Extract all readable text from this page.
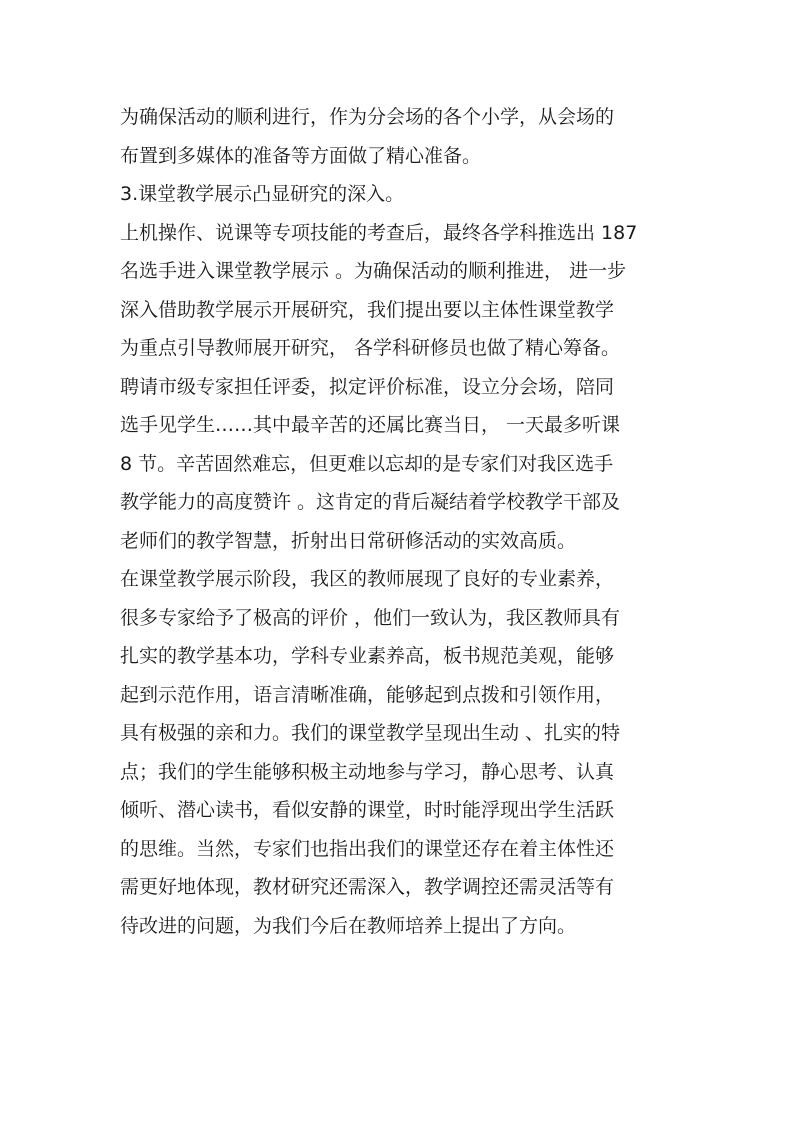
为确保活动的顺利进行，作为分会场的各个小学，从会场的
布置到多媒体的准备等方面做了精心准备。
3.课堂教学展示凸显研究的深入。
上机操作、说课等专项技能的考查后，最终各学科推选出 187
名选手进入课堂教学展示 。为确保活动的顺利推进， 进一步
深入借助教学展示开展研究，我们提出要以主体性课堂教学
为重点引导教师展开研究， 各学科研修员也做了精心筹备。
聘请市级专家担任评委，拟定评价标准，设立分会场，陪同
选手见学生……其中最辛苦的还属比赛当日， 一天最多听课
8 节。辛苦固然难忘，但更难以忘却的是专家们对我区选手
教学能力的高度赞许 。这肯定的背后凝结着学校教学干部及
老师们的教学智慧，折射出日常研修活动的实效高质。
在课堂教学展示阶段，我区的教师展现了良好的专业素养，
很多专家给予了极高的评价 ，他们一致认为，我区教师具有
扎实的教学基本功，学科专业素养高，板书规范美观，能够
起到示范作用，语言清晰准确，能够起到点拨和引领作用，
具有极强的亲和力。我们的课堂教学呈现出生动 、扎实的特
点；我们的学生能够积极主动地参与学习，静心思考、认真
倾听、潜心读书，看似安静的课堂，时时能浮现出学生活跃
的思维。当然，专家们也指出我们的课堂还存在着主体性还
需更好地体现，教材研究还需深入，教学调控还需灵活等有
待改进的问题，为我们今后在教师培养上提出了方向。
